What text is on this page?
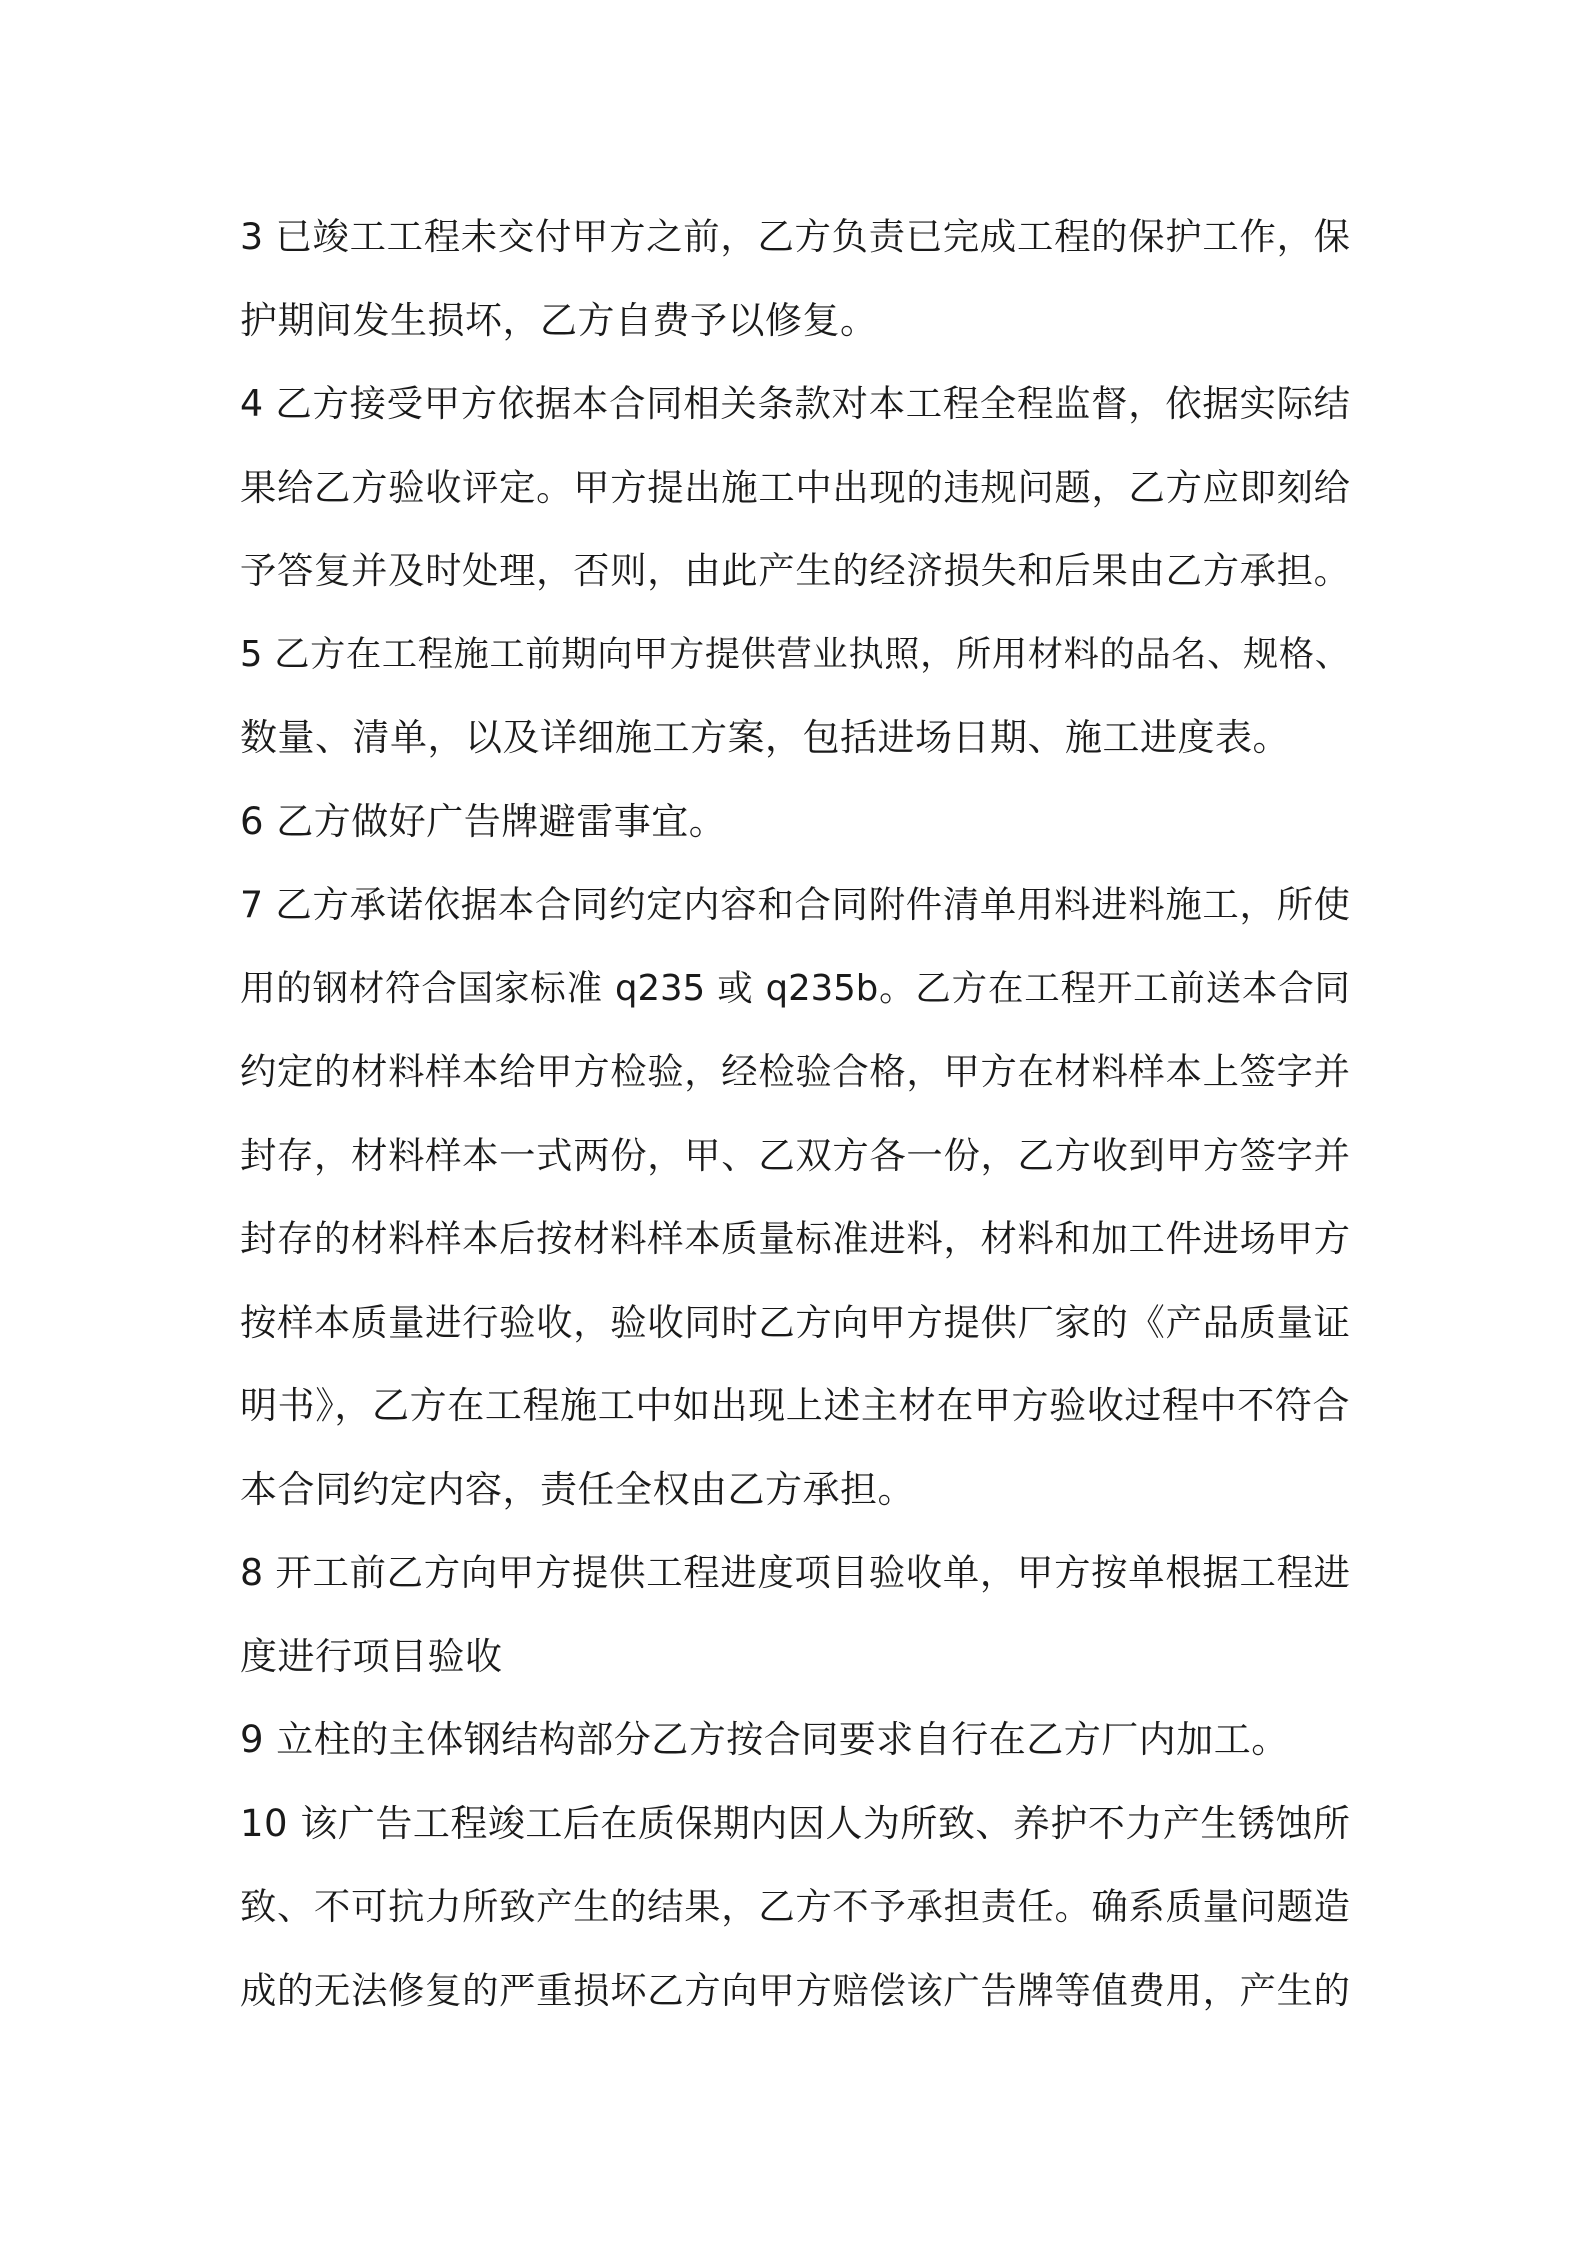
3 已竣工工程未交付甲方之前，乙方负责已完成工程的保护工作，保
护期间发生损坏，乙方自费予以修复。
4 乙方接受甲方依据本合同相关条款对本工程全程监督，依据实际结
果给乙方验收评定。甲方提出施工中出现的违规问题，乙方应即刻给
予答复并及时处理，否则，由此产生的经济损失和后果由乙方承担。
5 乙方在工程施工前期向甲方提供营业执照，所用材料的品名、规格、
数量、清单，以及详细施工方案，包括进场日期、施工进度表。
6 乙方做好广告牌避雷事宜。
7 乙方承诺依据本合同约定内容和合同附件清单用料进料施工，所使
用的钢材符合国家标准 q235 或 q235b。乙方在工程开工前送本合同
约定的材料样本给甲方检验，经检验合格，甲方在材料样本上签字并
封存，材料样本一式两份，甲、乙双方各一份，乙方收到甲方签字并
封存的材料样本后按材料样本质量标准进料，材料和加工件进场甲方
按样本质量进行验收，验收同时乙方向甲方提供厂家的《产品质量证
明书》，乙方在工程施工中如出现上述主材在甲方验收过程中不符合
本合同约定内容，责任全权由乙方承担。
8 开工前乙方向甲方提供工程进度项目验收单，甲方按单根据工程进
度进行项目验收
9 立柱的主体钢结构部分乙方按合同要求自行在乙方厂内加工。
10 该广告工程竣工后在质保期内因人为所致、养护不力产生锈蚀所
致、不可抗力所致产生的结果，乙方不予承担责任。确系质量问题造
成的无法修复的严重损坏乙方向甲方赔偿该广告牌等值费用，产生的
